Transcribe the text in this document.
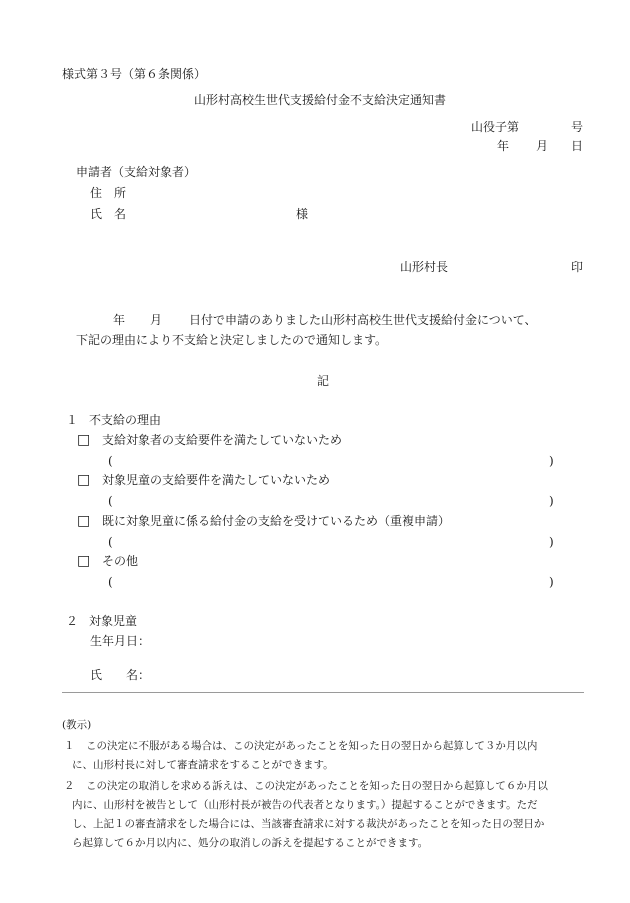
様式第３号（第６条関係）
山形村高校生世代支援給付金不支給決定通知書
山役子第	号
年 月 日
申請者（支給対象者）
住　所
氏　名	様
山形村長	印
年 月 日付で申請のありました山形村高校生世代支援給付金について、
下記の理由により不支給と決定しましたので通知します。
記
１ 不支給の理由
□ 支給対象者の支給要件を満たしていないため
(	)
□ 対象児童の支給要件を満たしていないため
(	)
□ 既に対象児童に係る給付金の支給を受けているため（重複申請）
(	)
□ その他
(	)
２ 対象児童
生年月日：
氏　　名：
(教示)
１ この決定に不服がある場合は、この決定があったことを知った日の翌日から起算して３か月以内
に、山形村長に対して審査請求をすることができます。
２ この決定の取消しを求める訴えは、この決定があったことを知った日の翌日から起算して６か月以
内に、山形村を被告として（山形村長が被告の代表者となります。）提起することができます。ただ
し、上記１の審査請求をした場合には、当該審査請求に対する裁決があったことを知った日の翌日か
ら起算して６か月以内に、処分の取消しの訴えを提起することができます。
